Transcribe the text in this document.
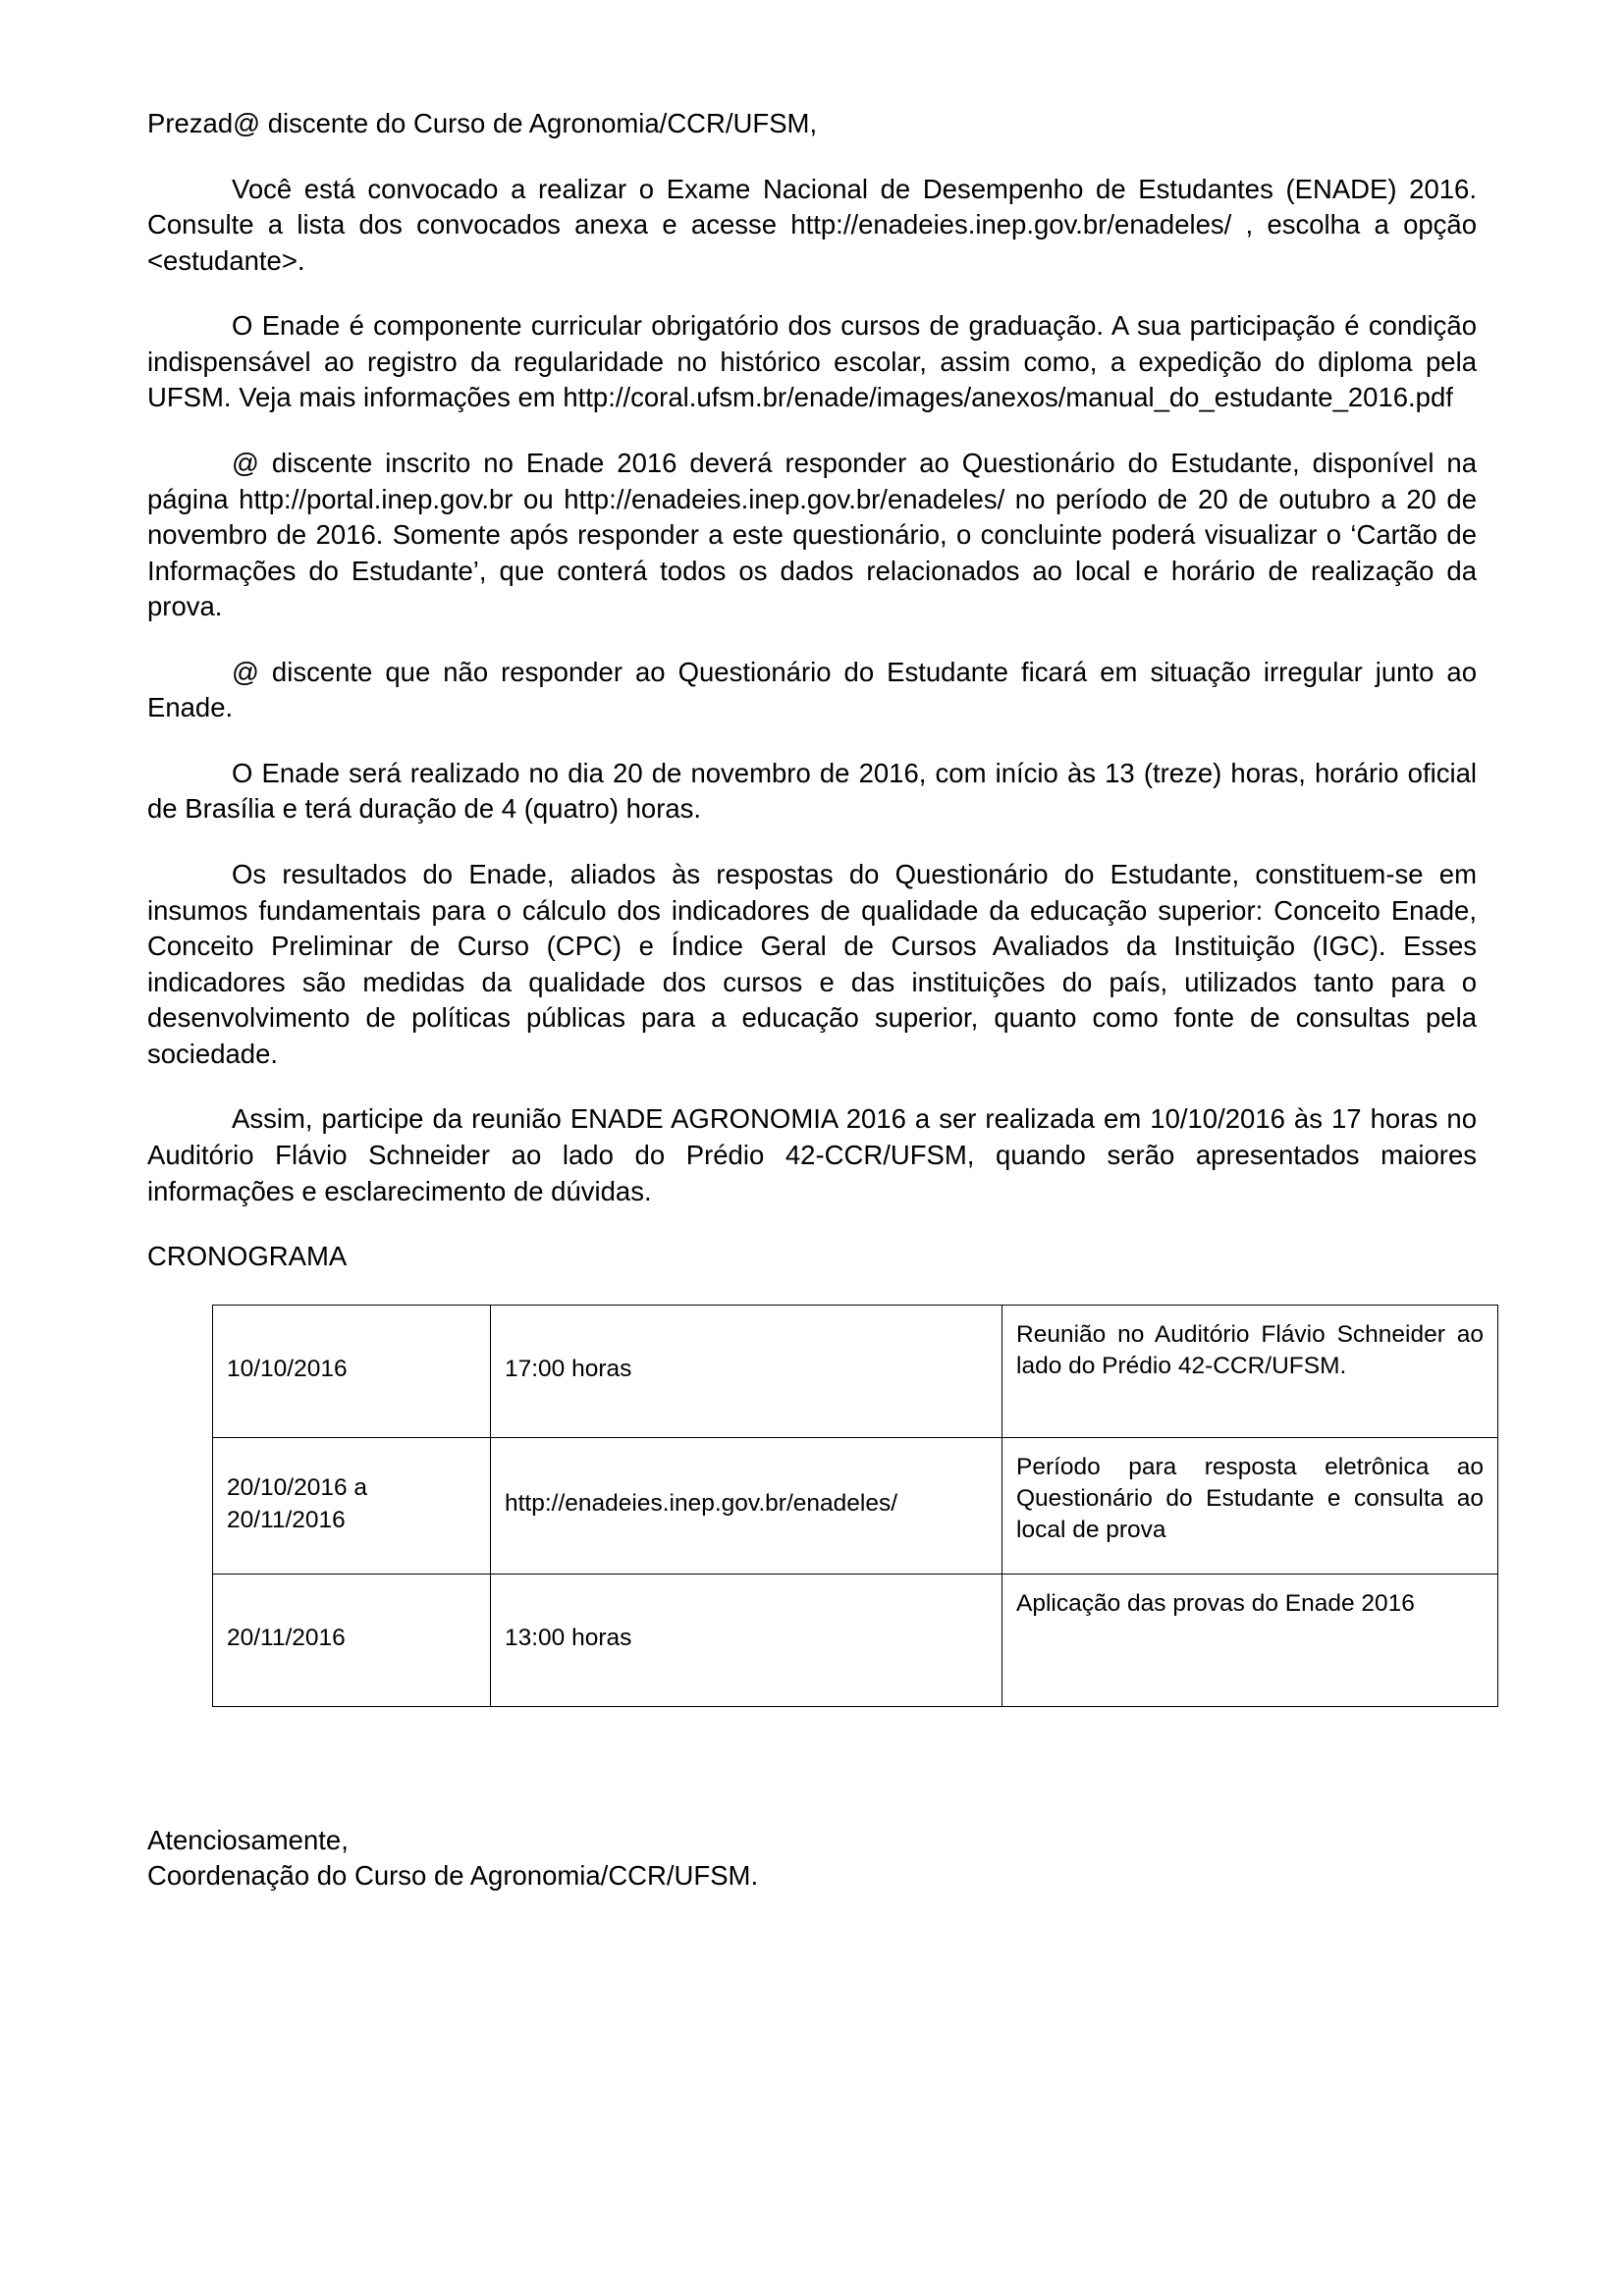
Prezad@ discente do Curso de Agronomia/CCR/UFSM,

Você está convocado a realizar o Exame Nacional de Desempenho de Estudantes (ENADE) 2016. Consulte a lista dos convocados anexa e acesse http://enadeies.inep.gov.br/enadeles/ , escolha a opção <estudante>.

O Enade é componente curricular obrigatório dos cursos de graduação. A sua participação é condição indispensável ao registro da regularidade no histórico escolar, assim como, a expedição do diploma pela UFSM. Veja mais informações em http://coral.ufsm.br/enade/images/anexos/manual_do_estudante_2016.pdf

@ discente inscrito no Enade 2016 deverá responder ao Questionário do Estudante, disponível na página http://portal.inep.gov.br ou http://enadeies.inep.gov.br/enadeles/ no período de 20 de outubro a 20 de novembro de 2016. Somente após responder a este questionário, o concluinte poderá visualizar o ‘Cartão de Informações do Estudante’, que conterá todos os dados relacionados ao local e horário de realização da prova.

@ discente que não responder ao Questionário do Estudante ficará em situação irregular junto ao Enade.

O Enade será realizado no dia 20 de novembro de 2016, com início às 13 (treze) horas, horário oficial de Brasília e terá duração de 4 (quatro) horas.

Os resultados do Enade, aliados às respostas do Questionário do Estudante, constituem-se em insumos fundamentais para o cálculo dos indicadores de qualidade da educação superior: Conceito Enade, Conceito Preliminar de Curso (CPC) e Índice Geral de Cursos Avaliados da Instituição (IGC). Esses indicadores são medidas da qualidade dos cursos e das instituições do país, utilizados tanto para o desenvolvimento de políticas públicas para a educação superior, quanto como fonte de consultas pela sociedade.

Assim, participe da reunião ENADE AGRONOMIA 2016 a ser realizada em 10/10/2016 às 17 horas no Auditório Flávio Schneider ao lado do Prédio 42-CCR/UFSM, quando serão apresentados maiores informações e esclarecimento de dúvidas.

CRONOGRAMA

10/10/2016	17:00 horas	Reunião no Auditório Flávio Schneider ao lado do Prédio 42-CCR/UFSM.
20/10/2016 a 20/11/2016	http://enadeies.inep.gov.br/enadeles/	Período para resposta eletrônica ao Questionário do Estudante e consulta ao local de prova
20/11/2016	13:00 horas	Aplicação das provas do Enade 2016
Atenciosamente,
Coordenação do Curso de Agronomia/CCR/UFSM.
